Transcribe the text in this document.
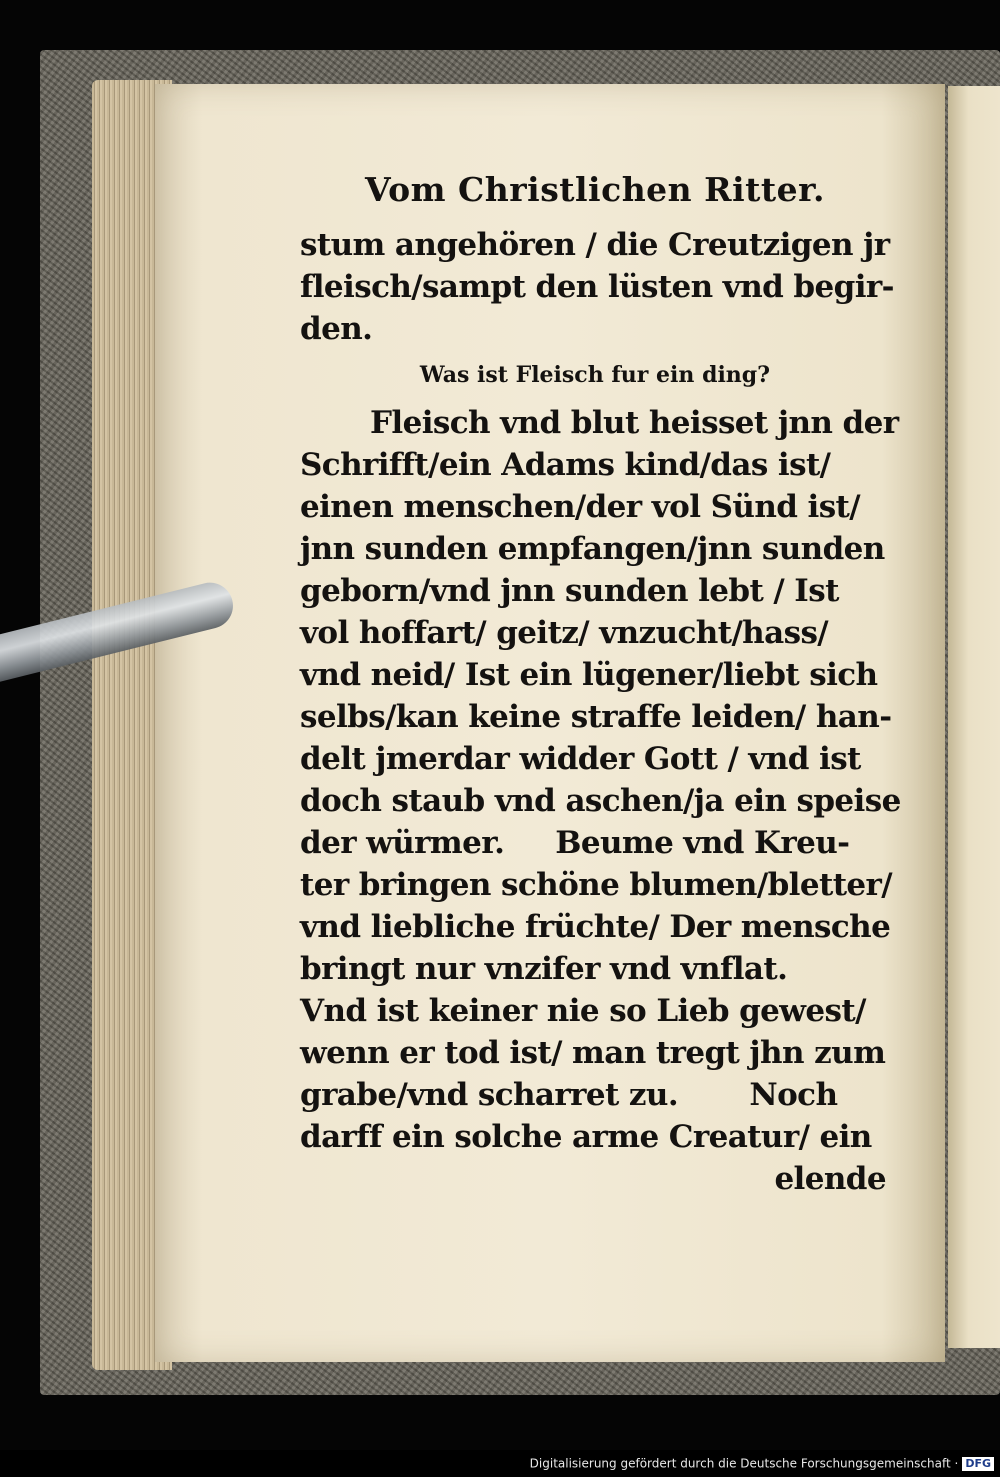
Vom Christlichen Ritter.
stum angehören / die Creutzigen jr
fleisch/sampt den lüsten vnd begir-
den.
Was ist Fleisch fur ein ding?
Fleisch vnd blut heisset jnn der
Schrifft/ein Adams kind/das ist/
einen menschen/der vol Sünd ist/
jnn sunden empfangen/jnn sunden
geborn/vnd jnn sunden lebt / Ist
vol hoffart/ geitz/ vnzucht/hass/
vnd neid/ Ist ein lügener/liebt sich
selbs/kan keine straffe leiden/ han-
delt jmerdar widder Gott / vnd ist
doch staub vnd aschen/ja ein speise
der würmer.     Beume vnd Kreu-
ter bringen schöne blumen/bletter/
vnd liebliche früchte/ Der mensche
bringt nur vnzifer vnd vnflat.
Vnd ist keiner nie so Lieb gewest/
wenn er tod ist/ man tregt jhn zum
grabe/vnd scharret zu.       Noch
darff ein solche arme Creatur/ ein
elende
Digitalisierung gefördert durch die Deutsche Forschungsgemeinschaft · DFG
